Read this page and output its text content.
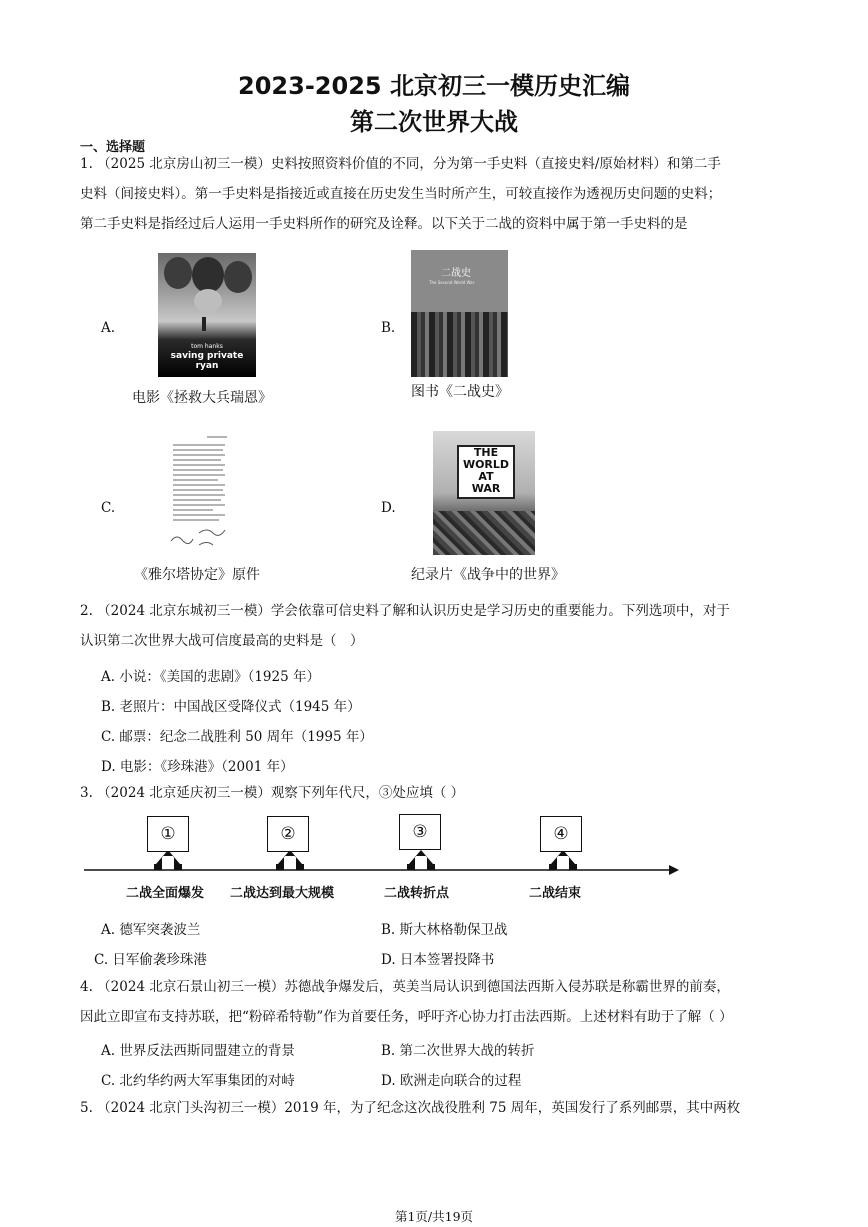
2023-2025 北京初三一模历史汇编
第二次世界大战
一、选择题
1. （2025 北京房山初三一模）史料按照资料价值的不同，分为第一手史料（直接史料/原始材料）和第二手
史料（间接史料）。第一手史料是指接近或直接在历史发生当时所产生，可较直接作为透视历史问题的史料；
第二手史料是指经过后人运用一手史料所作的研究及诠释。以下关于二战的资料中属于第一手史料的是
A.
tom hanks
saving private ryan
电影《拯救大兵瑞恩》
B.
二战史
The Second World War
图书《二战史》
C.
《雅尔塔协定》原件
D.
THE
WORLD
AT
WAR
纪录片《战争中的世界》
2. （2024 北京东城初三一模）学会依靠可信史料了解和认识历史是学习历史的重要能力。下列选项中，对于
认识第二次世界大战可信度最高的史料是（　）
A. 小说：《美国的悲剧》（1925 年）
B. 老照片：中国战区受降仪式（1945 年）
C. 邮票：纪念二战胜利 50 周年（1995 年）
D. 电影：《珍珠港》（2001 年）
3. （2024 北京延庆初三一模）观察下列年代尺，③处应填（ ）
①	②	③	④
二战全面爆发 二战达到最大规模	二战转折点	二战结束
A. 德军突袭波兰	B. 斯大林格勒保卫战
C. 日军偷袭珍珠港	D. 日本签署投降书
4. （2024 北京石景山初三一模）苏德战争爆发后，英美当局认识到德国法西斯入侵苏联是称霸世界的前奏，
因此立即宣布支持苏联，把“粉碎希特勒”作为首要任务，呼吁齐心协力打击法西斯。上述材料有助于了解（ ）
A. 世界反法西斯同盟建立的背景	B. 第二次世界大战的转折
C. 北约华约两大军事集团的对峙	D. 欧洲走向联合的过程
5. （2024 北京门头沟初三一模）2019 年，为了纪念这次战役胜利 75 周年，英国发行了系列邮票，其中两枚
第1页/共19页
